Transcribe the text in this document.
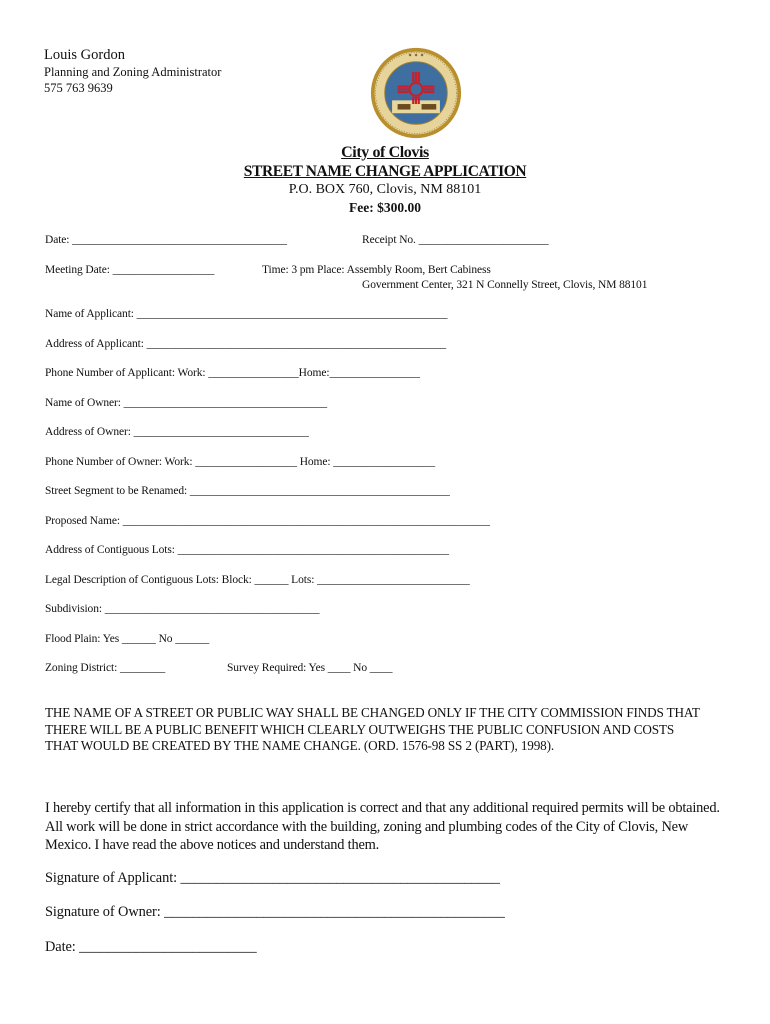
Louis Gordon
Planning and Zoning Administrator
575 763 9639
✦ ✦ ✦
City of Clovis
STREET NAME CHANGE APPLICATION
P.O. BOX 760, Clovis, NM 88101
Fee: $300.00
Date: ______________________________________	Receipt No. _______________________
Meeting Date: __________________	Time: 3 pm Place: Assembly Room, Bert Cabiness
Government Center, 321 N Connelly Street, Clovis, NM 88101
Name of Applicant: _______________________________________________________
Address of Applicant: _____________________________________________________
Phone Number of Applicant: Work: ________________Home:________________
Name of Owner: ____________________________________
Address of Owner: _______________________________
Phone Number of Owner: Work: __________________ Home: __________________
Street Segment to be Renamed: ______________________________________________
Proposed Name: _________________________________________________________________
Address of Contiguous Lots: ________________________________________________
Legal Description of Contiguous Lots: Block: ______ Lots: ___________________________
Subdivision: ______________________________________
Flood Plain: Yes ______ No ______
Zoning District: ________	Survey Required: Yes ____ No ____
THE NAME OF A STREET OR PUBLIC WAY SHALL BE CHANGED ONLY IF THE CITY COMMISSION FINDS THAT THERE WILL BE A PUBLIC BENEFIT WHICH CLEARLY OUTWEIGHS THE PUBLIC CONFUSION AND COSTS THAT WOULD BE CREATED BY THE NAME CHANGE. (ORD. 1576-98 SS 2 (PART), 1998).
I hereby certify that all information in this application is correct and that any additional required permits will be obtained. All work will be done in strict accordance with the building, zoning and plumbing codes of the City of Clovis, New Mexico. I have read the above notices and understand them.
Signature of Applicant: _____________________________________________
Signature of Owner: ________________________________________________
Date: _________________________
